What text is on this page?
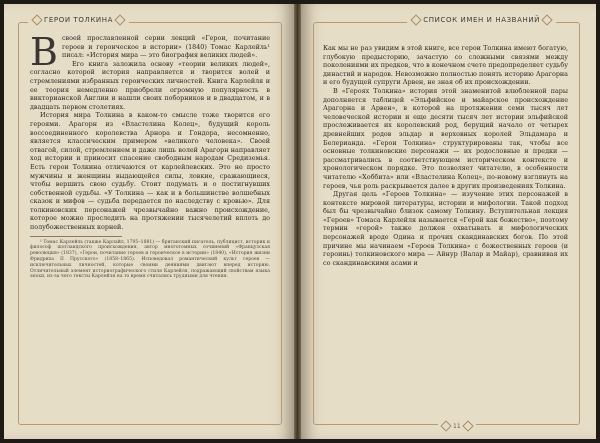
ГЕРОИ ТОЛКИНА

Всвоей прославленной серии лекций «Герои, почитание героев и героическое в истории» (1840) Томас Карлейль¹ писал: «История мира — это биография великих людей».

Его книга заложила основу «теории великих людей», согласно которой история направляется и творится волей и стремлениями избранных героических личностей. Книга Карлейля и ее теория немедленно приобрели огромную популярность в викторианской Англии и нашли своих поборников и в двадцатом, и в двадцать первом столетиях.

История мира Толкина в каком-то смысле тоже творится его героями. Арагорн из «Властелина Колец», будущий король воссоединенного королевства Арнора и Гондора, несомненно, является классическим примером «великого человека». Своей отвагой, силой, стремлением и даже лишь волей Арагорн направляет ход истории и приносит спасение свободным народам Средиземья. Есть герои Толкина отличаются от карлейлевских. Это не просто мужчины и женщины выдающейся силы, ловкие, сражающиеся, чтобы вершить свою судьбу. Стоит подумать и о постигнувших собственной судьбы. «У Толкина — как и в большинстве волшебных сказок и мифов — судьба передается по наследству с кровью». Для толкиновских персонажей чрезвычайно важно происхождение, которое можно проследить на протяжении тысячелетий вплоть до полубожественных корней.

¹ Томас Карлейль (также Карлайл, 1795–1881) — британский писатель, публицист, историк и философ шотландского происхождения, автор многотомных сочинений «Французская революция» (1837), «Герои, почитание героев и героическое в истории» (1840), «История жизни Фридриха II Прусского» (1858–1865). Исповедовал романтический культ героев — исключительных личностей, которые своими деяниями двигают вперед историю. Отличительный элемент историографического стиля Карлейля, подражающий свойствам языка эпохи, из-за чего тексты Карлейля на то время считались трудными для чтения.

СПИСОК ИМЕН И НАЗВАНИЙ

Как мы не раз увидим в этой книге, все герои Толкина имеют богатую, глубокую предысторию, зачастую со сложными связями между поколениями их предков, что в конечном счете предопределяет судьбу династий и народов. Невозможно полностью понять историю Арагорна и его будущей супруги Арвен, не зная об их происхождении.

В «Героях Толкина» история этой знаменитой влюбленной пары дополняется таблицей «Эльфийское и майарское происхождение Арагорна и Арвен», в которой на протяжении семи тысяч лет человеческой истории и еще десяти тысяч лет истории эльфийской прослеживается их королевский род, берущий начало от четырех древнейших родов эльдар и верховных королей Эльдамара и Белерианда. «Герои Толкина» структурированы так, чтобы все основные толкиновские персонажи — их родословные и предки — рассматривались в соответствующем историческом контексте и хронологическом порядке. Это позволяет читателю, в особенности читателю «Хоббита» или «Властелина Колец», по-новому взглянуть на героев, чья роль раскрывается далее в других произведениях Толкина.

Другая цель «Героев Толкина» — изучение этих персонажей в контексте мировой литературы, истории и мифологии. Такой подход был бы чрезвычайно близок самому Толкину. Вступительная лекция «Героев» Томаса Карлейля называется «Герой как божество», поэтому термин «герой» также должен охватывать и мифологических персонажей вроде Одина и прочих скандинавских богов. По этой причине мы начинаем «Героев Толкина» с божественных героев (и героинь) толкиновского мира — Айнур (Валар и Майар), сравнивая их со скандинавскими асами и

11
